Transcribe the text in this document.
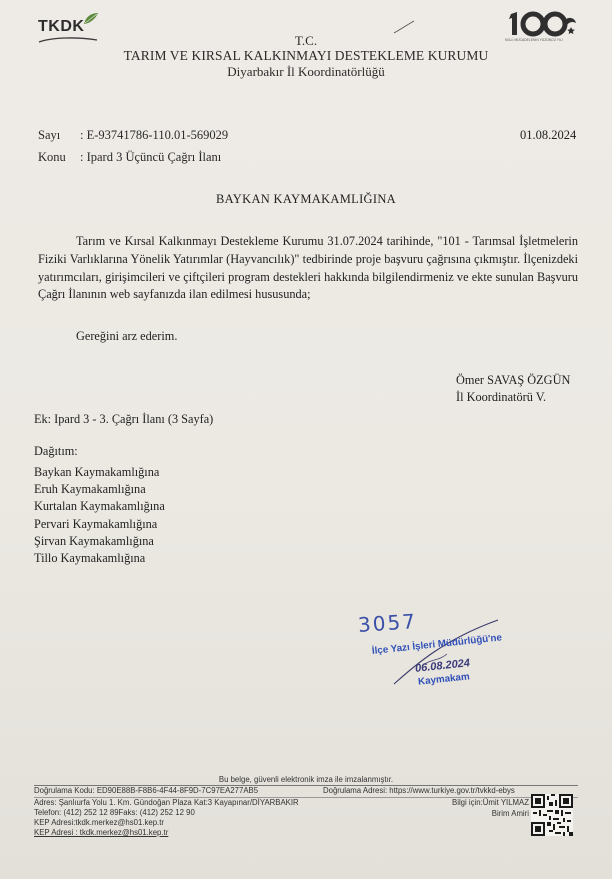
TKDK
MİLLİ MÜCADELENİN YÜZÜNCÜ YILI
T.C.
TARIM VE KIRSAL KALKINMAYI DESTEKLEME KURUMU
Diyarbakır İl Koordinatörlüğü
Sayı : E-93741786-110.01-569029
Konu : Ipard 3 Üçüncü Çağrı İlanı
01.08.2024
BAYKAN KAYMAKAMLIĞINA
Tarım ve Kırsal Kalkınmayı Destekleme Kurumu 31.07.2024 tarihinde, "101 - Tarımsal İşletmelerin Fiziki Varlıklarına Yönelik Yatırımlar (Hayvancılık)" tedbirinde proje başvuru çağrısına çıkmıştır. İlçenizdeki yatırımcıları, girişimcileri ve çiftçileri program destekleri hakkında bilgilendirmeniz ve ekte sunulan Başvuru Çağrı İlanının web sayfanızda ilan edilmesi hususunda;
Gereğini arz ederim.
Ömer SAVAŞ ÖZGÜN
İl Koordinatörü V.
Ek: Ipard 3 - 3. Çağrı İlanı (3 Sayfa)
Dağıtım:
Baykan Kaymakamlığına
Eruh Kaymakamlığına
Kurtalan Kaymakamlığına
Pervari Kaymakamlığına
Şirvan Kaymakamlığına
Tillo Kaymakamlığına
3057
İlçe Yazı İşleri Müdürlüğü'ne
06.08.2024
Kaymakam
Bu belge, güvenli elektronik imza ile imzalanmıştır.
Doğrulama Kodu: ED90E88B-F8B6-4F44-8F9D-7C97EA277AB5	Doğrulama Adresi: https://www.turkiye.gov.tr/tvkkd-ebys
Adres: Şanlıurfa Yolu 1. Km. Gündoğan Plaza Kat:3 Kayapınar/DİYARBAKIR
Telefon: (412) 252 12 89Faks: (412) 252 12 90
KEP Adresi:tkdk.merkez@hs01.kep.tr
KEP Adresi : tkdk.merkez@hs01.kep.tr
Bilgi için:Ümit YILMAZ
Birim Amiri
